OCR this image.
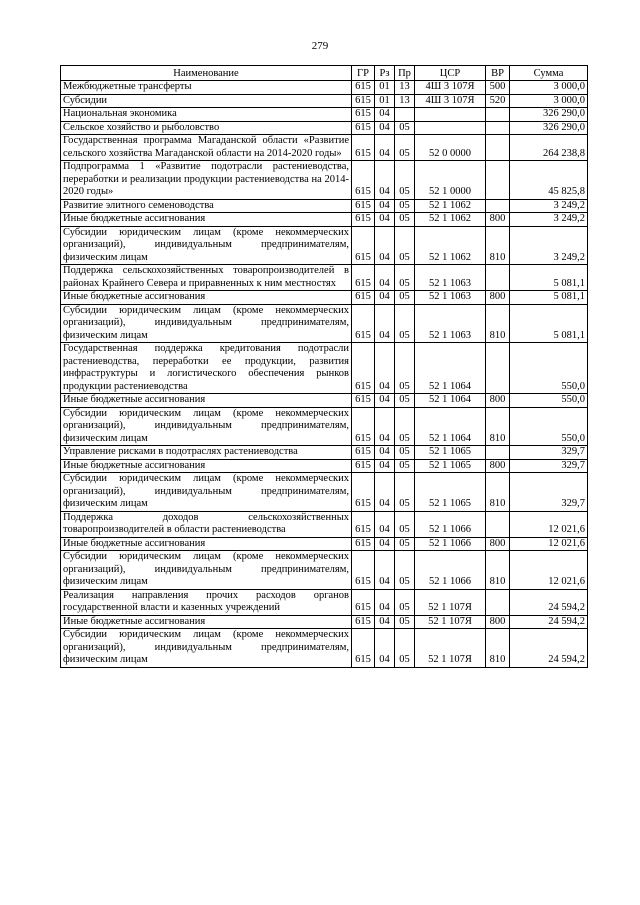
279
Наименование	ГР	Рз	Пр	ЦСР	ВР	Сумма
Межбюджетные трансферты	615	01	13	4Ш 3 107Я	500	3 000,0
Субсидии	615	01	13	4Ш 3 107Я	520	3 000,0
Национальная экономика	615	04				326 290,0
Сельское хозяйство и рыболовство	615	04	05			326 290,0
Государственная программа Магаданской области «Развитие сельского хозяйства Магаданской области на 2014-2020 годы»	615	04	05	52 0 0000		264 238,8
Подпрограмма 1 «Развитие подотрасли растениеводства, переработки и реализации продукции растениеводства на 2014-2020 годы»	615	04	05	52 1 0000		45 825,8
Развитие элитного семеноводства	615	04	05	52 1 1062		3 249,2
Иные бюджетные ассигнования	615	04	05	52 1 1062	800	3 249,2
Субсидии юридическим лицам (кроме некоммерческих организаций), индивидуальным предпринимателям, физическим лицам	615	04	05	52 1 1062	810	3 249,2
Поддержка сельскохозяйственных товаропроизводителей в районах Крайнего Севера и приравненных к ним местностях	615	04	05	52 1 1063		5 081,1
Иные бюджетные ассигнования	615	04	05	52 1 1063	800	5 081,1
Субсидии юридическим лицам (кроме некоммерческих организаций), индивидуальным предпринимателям, физическим лицам	615	04	05	52 1 1063	810	5 081,1
Государственная поддержка кредитования подотрасли растениеводства, переработки ее продукции, развития инфраструктуры и логистического обеспечения рынков продукции растениеводства	615	04	05	52 1 1064		550,0
Иные бюджетные ассигнования	615	04	05	52 1 1064	800	550,0
Субсидии юридическим лицам (кроме некоммерческих организаций), индивидуальным предпринимателям, физическим лицам	615	04	05	52 1 1064	810	550,0
Управление рисками в подотраслях растениеводства	615	04	05	52 1 1065		329,7
Иные бюджетные ассигнования	615	04	05	52 1 1065	800	329,7
Субсидии юридическим лицам (кроме некоммерческих организаций), индивидуальным предпринимателям, физическим лицам	615	04	05	52 1 1065	810	329,7
Поддержка доходов сельскохозяйственных товаропроизводителей в области растениеводства	615	04	05	52 1 1066		12 021,6
Иные бюджетные ассигнования	615	04	05	52 1 1066	800	12 021,6
Субсидии юридическим лицам (кроме некоммерческих организаций), индивидуальным предпринимателям, физическим лицам	615	04	05	52 1 1066	810	12 021,6
Реализация направления прочих расходов органов государственной власти и казенных учреждений	615	04	05	52 1 107Я		24 594,2
Иные бюджетные ассигнования	615	04	05	52 1 107Я	800	24 594,2
Субсидии юридическим лицам (кроме некоммерческих организаций), индивидуальным предпринимателям, физическим лицам	615	04	05	52 1 107Я	810	24 594,2
